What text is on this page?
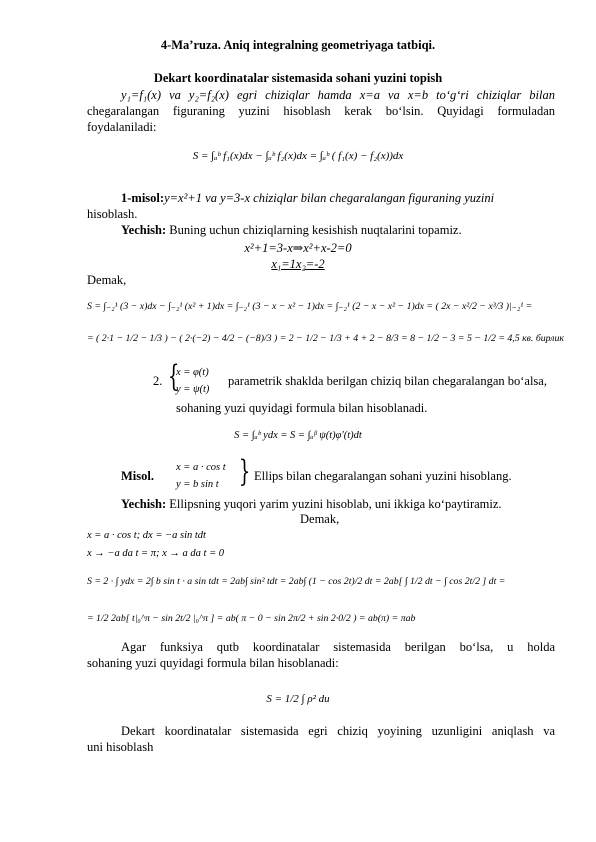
4-Ma’ruza. Aniq integralning geometriyaga tatbiqi.
Dekart koordinatalar sistemasida sohani yuzini topish
y₁=f₁(x) va y₂=f₂(x) egri chiziqlar hamda x=a va x=b to‘g‘ri chiziqlar bilan
chegaralangan figuraning yuzini hisoblash kerak bo‘lsin. Quyidagi formuladan
foydalaniladi:
S = ∫ₐᵇ f₁(x)dx − ∫ₐᵇ f₂(x)dx = ∫ₐᵇ ( f₁(x) − f₂(x))dx
1-misol:y=x²+1 va y=3-x chiziqlar bilan chegaralangan figuraning yuzini
hisoblash.
Yechish: Buning uchun chiziqlarning kesishish nuqtalarini topamiz.
x²+1=3-x⇒x²+x-2=0
x₁=1x₂=-2
Demak,
S = ∫₋₂¹ (3 − x)dx − ∫₋₂¹ (x² + 1)dx = ∫₋₂¹ (3 − x − x² − 1)dx = ∫₋₂¹ (2 − x − x² − 1)dx = ( 2x − x²/2 − x³/3 )|₋₂¹ =
= ( 2·1 − 1/2 − 1/3 ) − ( 2·(−2) − 4/2 − (−8)/3 ) = 2 − 1/2 − 1/3 + 4 + 2 − 8/3 = 8 − 1/2 − 3 = 5 − 1/2 = 4,5 кв. бирлик
2. {
x = φ(t)
y = ψ(t)
parametrik shaklda berilgan chiziq bilan chegaralangan bo‘alsa,
sohaning yuzi quyidagi formula bilan hisoblanadi.
S = ∫ₐᵇ ydx = S = ∫ₐᵝ ψ(t)φ′(t)dt
Misol.
x = a · cos t
y = b sin t } Ellips bilan chegaralangan sohani yuzini hisoblang.
Yechish: Ellipsning yuqori yarim yuzini hisoblab, uni ikkiga ko‘paytiramiz.
Demak,
x = a · cos t; dx = −a sin tdt
x → −a da t = π; x → a da t = 0
S = 2 · ∫ ydx = 2∫ b sin t · a sin tdt = 2ab∫ sin² tdt = 2ab∫ (1 − cos 2t)/2 dt = 2ab[ ∫ 1/2 dt − ∫ cos 2t/2 ] dt =
= 1/2 2ab[ t|₀^π − sin 2t/2 |₀^π ] = ab( π − 0 − sin 2π/2 + sin 2·0/2 ) = ab(π) = πab
Agar funksiya qutb koordinatalar sistemasida berilgan bo‘lsa, u holda
sohaning yuzi quyidagi formula bilan hisoblanadi:
S = 1/2 ∫ ρ² du
Dekart koordinatalar sistemasida egri chiziq yoyining uzunligini aniqlash va
uni hisoblash
